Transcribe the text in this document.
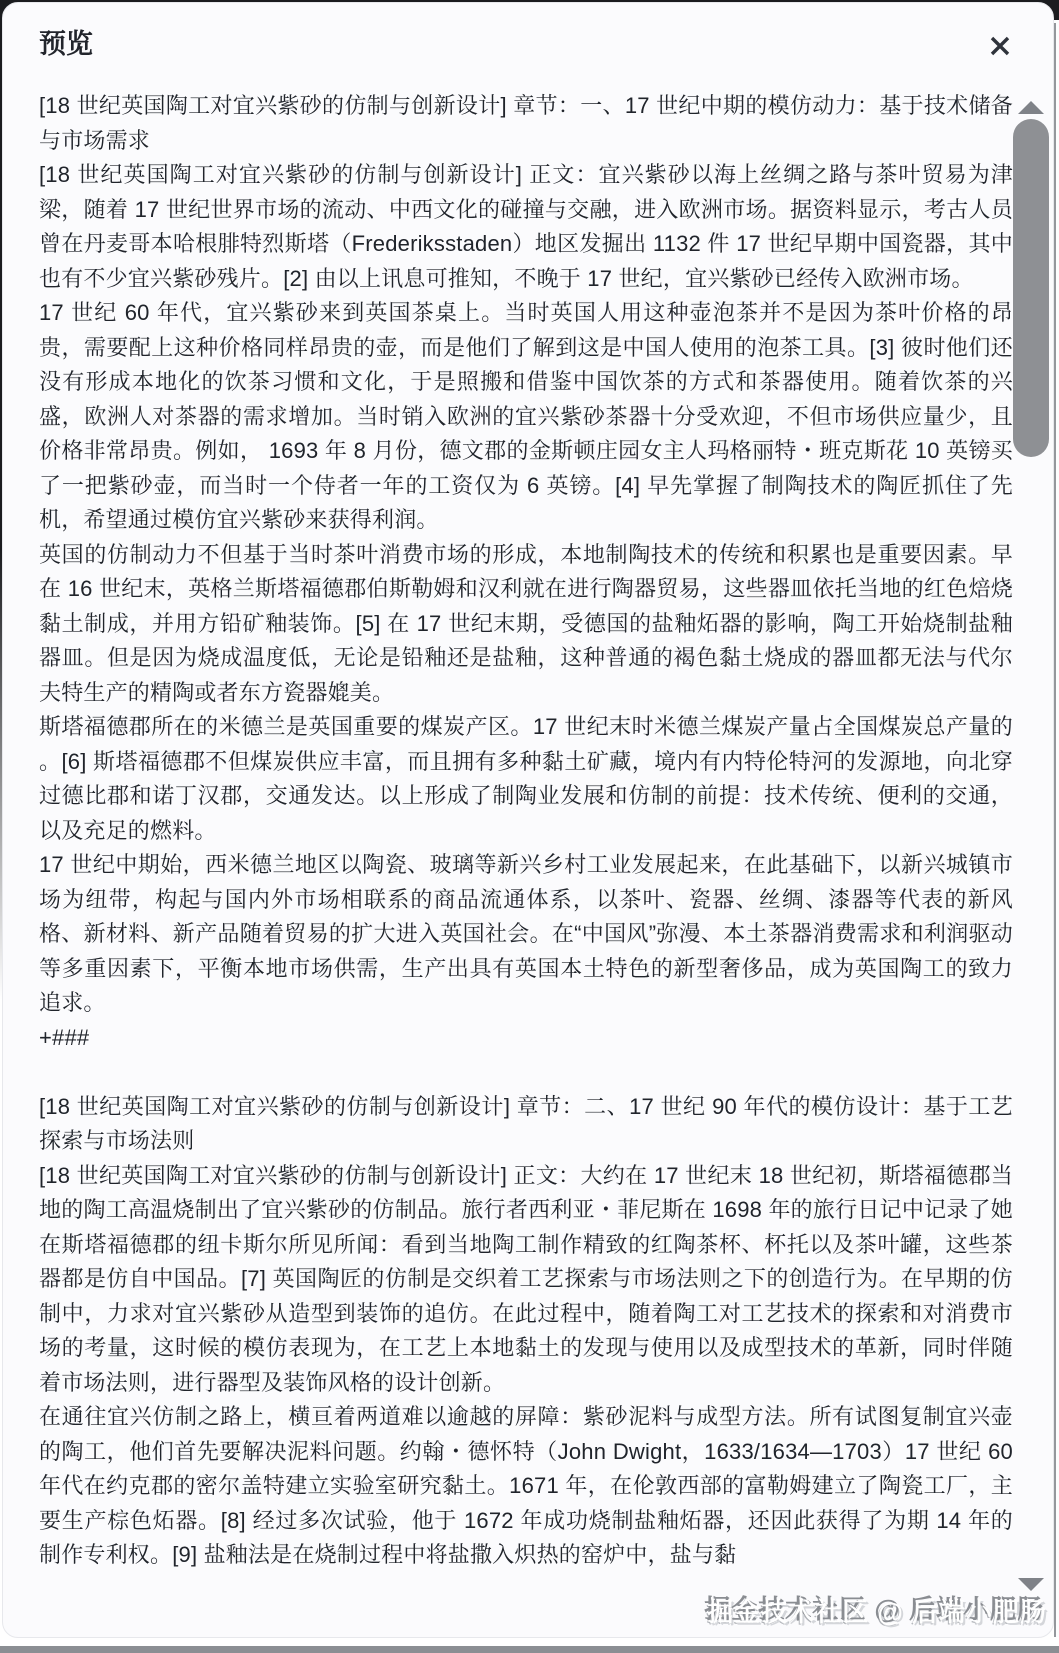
预览

[18 世纪英国陶工对宜兴紫砂的仿制与创新设计] 章节：一、17 世纪中期的模仿动力：基于技术储备与市场需求

[18 世纪英国陶工对宜兴紫砂的仿制与创新设计] 正文：宜兴紫砂以海上丝绸之路与茶叶贸易为津梁，随着 17 世纪世界市场的流动、中西文化的碰撞与交融，进入欧洲市场。据资料显示，考古人员曾在丹麦哥本哈根腓特烈斯塔（Frederiksstaden）地区发掘出 1132 件 17 世纪早期中国瓷器，其中也有不少宜兴紫砂残片。[2] 由以上讯息可推知，不晚于 17 世纪，宜兴紫砂已经传入欧洲市场。

17 世纪 60 年代，宜兴紫砂来到英国茶桌上。当时英国人用这种壶泡茶并不是因为茶叶价格的昂贵，需要配上这种价格同样昂贵的壶，而是他们了解到这是中国人使用的泡茶工具。[3] 彼时他们还没有形成本地化的饮茶习惯和文化，于是照搬和借鉴中国饮茶的方式和茶器使用。随着饮茶的兴盛，欧洲人对茶器的需求增加。当时销入欧洲的宜兴紫砂茶器十分受欢迎，不但市场供应量少，且价格非常昂贵。例如， 1693 年 8 月份，德文郡的金斯顿庄园女主人玛格丽特・班克斯花 10 英镑买了一把紫砂壶，而当时一个侍者一年的工资仅为 6 英镑。[4] 早先掌握了制陶技术的陶匠抓住了先机，希望通过模仿宜兴紫砂来获得利润。

英国的仿制动力不但基于当时茶叶消费市场的形成，本地制陶技术的传统和积累也是重要因素。早在 16 世纪末，英格兰斯塔福德郡伯斯勒姆和汉利就在进行陶器贸易，这些器皿依托当地的红色焙烧黏土制成，并用方铅矿釉装饰。[5] 在 17 世纪末期，受德国的盐釉炻器的影响，陶工开始烧制盐釉器皿。但是因为烧成温度低，无论是铅釉还是盐釉，这种普通的褐色黏土烧成的器皿都无法与代尔夫特生产的精陶或者东方瓷器媲美。

斯塔福德郡所在的米德兰是英国重要的煤炭产区。17 世纪末时米德兰煤炭产量占全国煤炭总产量的 。[6] 斯塔福德郡不但煤炭供应丰富，而且拥有多种黏土矿藏，境内有内特伦特河的发源地，向北穿过德比郡和诺丁汉郡，交通发达。以上形成了制陶业发展和仿制的前提：技术传统、便利的交通，以及充足的燃料。

17 世纪中期始，西米德兰地区以陶瓷、玻璃等新兴乡村工业发展起来，在此基础下，以新兴城镇市场为纽带，构起与国内外市场相联系的商品流通体系，以茶叶、瓷器、丝绸、漆器等代表的新风格、新材料、新产品随着贸易的扩大进入英国社会。在“中国风”弥漫、本土茶器消费需求和利润驱动等多重因素下，平衡本地市场供需，生产出具有英国本土特色的新型奢侈品，成为英国陶工的致力追求。

+###

[18 世纪英国陶工对宜兴紫砂的仿制与创新设计] 章节：二、17 世纪 90 年代的模仿设计：基于工艺探索与市场法则

[18 世纪英国陶工对宜兴紫砂的仿制与创新设计] 正文：大约在 17 世纪末 18 世纪初，斯塔福德郡当地的陶工高温烧制出了宜兴紫砂的仿制品。旅行者西利亚・菲尼斯在 1698 年的旅行日记中记录了她在斯塔福德郡的纽卡斯尔所见所闻：看到当地陶工制作精致的红陶茶杯、杯托以及茶叶罐，这些茶器都是仿自中国品。[7] 英国陶匠的仿制是交织着工艺探索与市场法则之下的创造行为。在早期的仿制中，力求对宜兴紫砂从造型到装饰的追仿。在此过程中，随着陶工对工艺技术的探索和对消费市场的考量，这时候的模仿表现为，在工艺上本地黏土的发现与使用以及成型技术的革新，同时伴随着市场法则，进行器型及装饰风格的设计创新。

在通往宜兴仿制之路上，横亘着两道难以逾越的屏障：紫砂泥料与成型方法。所有试图复制宜兴壶的陶工，他们首先要解决泥料问题。约翰・德怀特（John Dwight，1633/1634—1703）17 世纪 60 年代在约克郡的密尔盖特建立实验室研究黏土。1671 年，在伦敦西部的富勒姆建立了陶瓷工厂，主要生产棕色炻器。[8] 经过多次试验，他于 1672 年成功烧制盐釉炻器，还因此获得了为期 14 年的制作专利权。[9] 盐釉法是在烧制过程中将盐撒入炽热的窑炉中，盐与黏

掘金技术社区 @ 后端小肥肠
